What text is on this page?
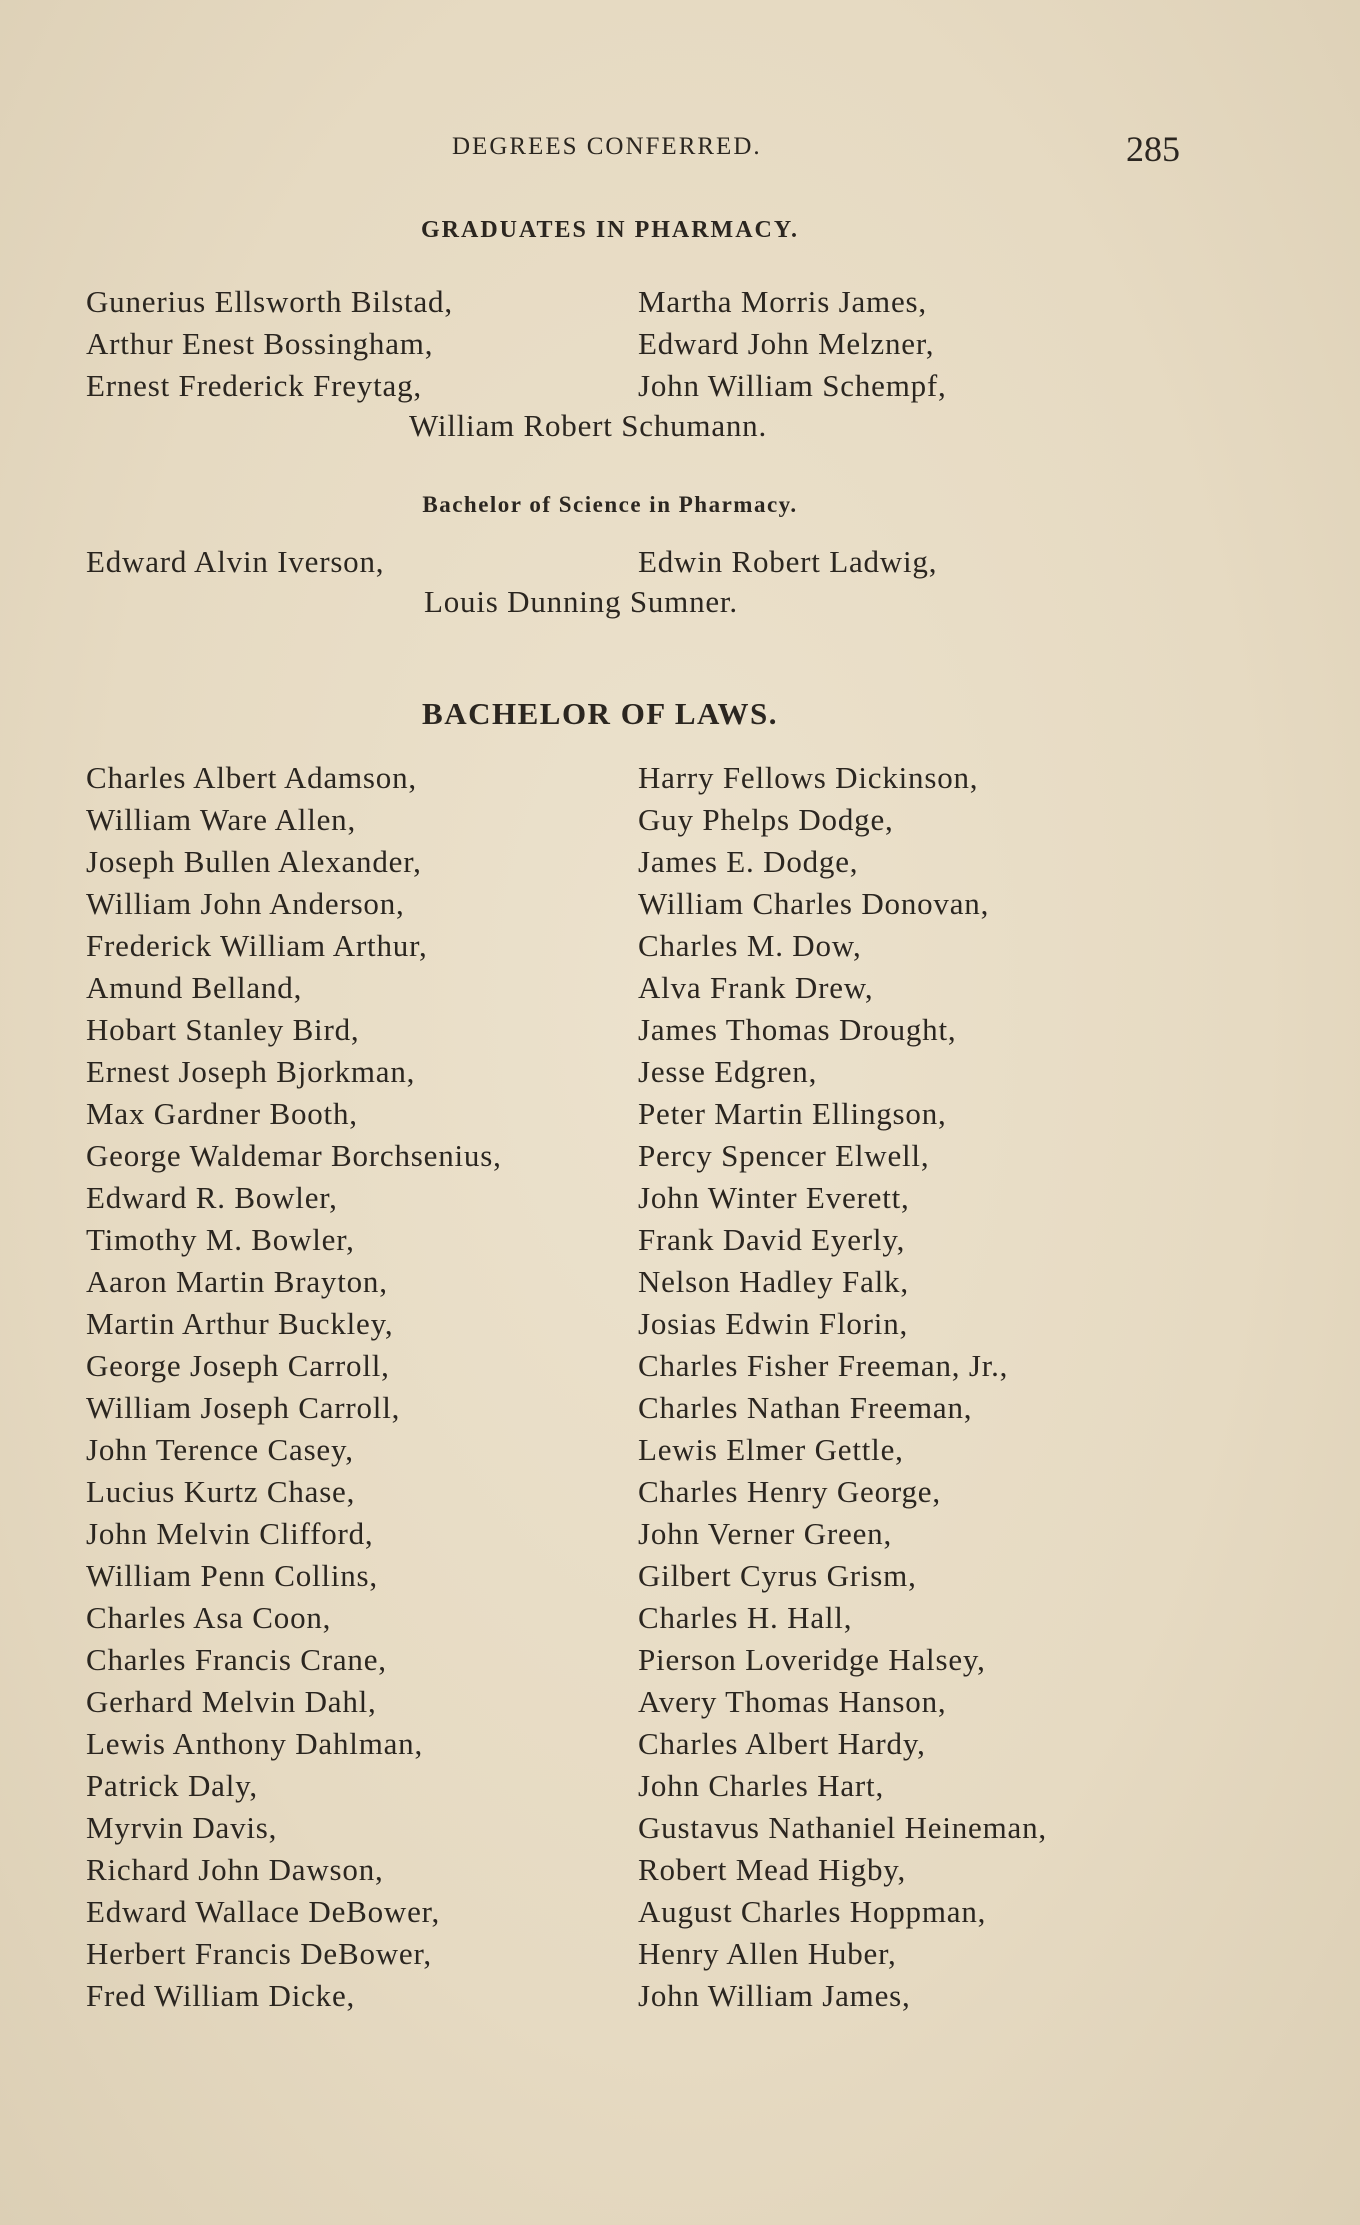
DEGREES CONFERRED.	285
GRADUATES IN PHARMACY.
Gunerius Ellsworth Bilstad,
Arthur Enest Bossingham,
Ernest Frederick Freytag,
Martha Morris James,
Edward John Melzner,
John William Schempf,
William Robert Schumann.
Bachelor of Science in Pharmacy.
Edward Alvin Iverson,	Edwin Robert Ladwig,
Louis Dunning Sumner.
BACHELOR OF LAWS.
Charles Albert Adamson,
William Ware Allen,
Joseph Bullen Alexander,
William John Anderson,
Frederick William Arthur,
Amund Belland,
Hobart Stanley Bird,
Ernest Joseph Bjorkman,
Max Gardner Booth,
George Waldemar Borchsenius,
Edward R. Bowler,
Timothy M. Bowler,
Aaron Martin Brayton,
Martin Arthur Buckley,
George Joseph Carroll,
William Joseph Carroll,
John Terence Casey,
Lucius Kurtz Chase,
John Melvin Clifford,
William Penn Collins,
Charles Asa Coon,
Charles Francis Crane,
Gerhard Melvin Dahl,
Lewis Anthony Dahlman,
Patrick Daly,
Myrvin Davis,
Richard John Dawson,
Edward Wallace DeBower,
Herbert Francis DeBower,
Fred William Dicke,
Harry Fellows Dickinson,
Guy Phelps Dodge,
James E. Dodge,
William Charles Donovan,
Charles M. Dow,
Alva Frank Drew,
James Thomas Drought,
Jesse Edgren,
Peter Martin Ellingson,
Percy Spencer Elwell,
John Winter Everett,
Frank David Eyerly,
Nelson Hadley Falk,
Josias Edwin Florin,
Charles Fisher Freeman, Jr.,
Charles Nathan Freeman,
Lewis Elmer Gettle,
Charles Henry George,
John Verner Green,
Gilbert Cyrus Grism,
Charles H. Hall,
Pierson Loveridge Halsey,
Avery Thomas Hanson,
Charles Albert Hardy,
John Charles Hart,
Gustavus Nathaniel Heineman,
Robert Mead Higby,
August Charles Hoppman,
Henry Allen Huber,
John William James,
